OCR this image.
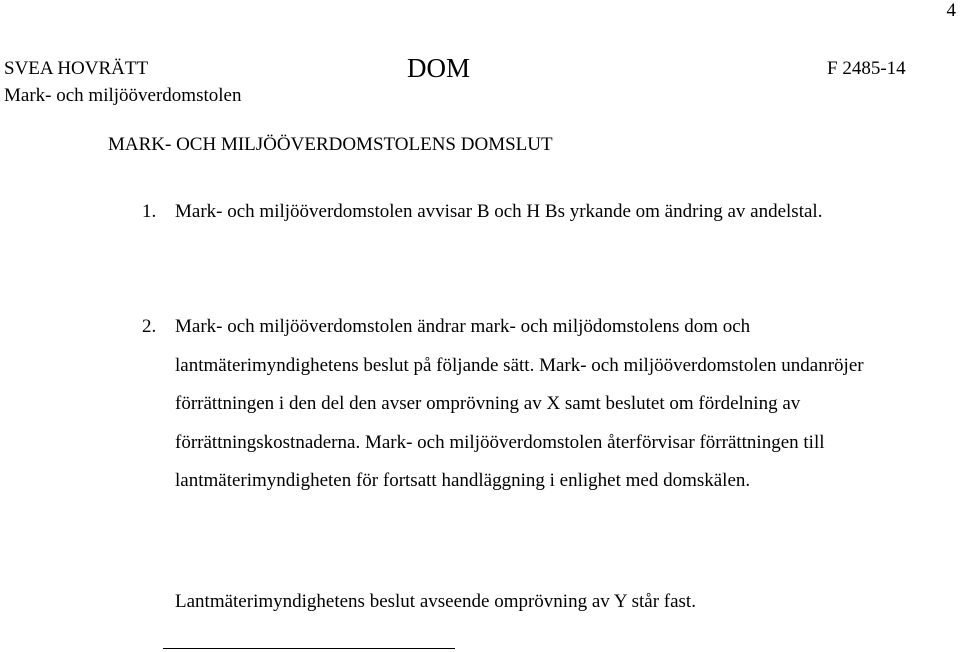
4
SVEA HOVRÄTT
Mark- och miljööverdomstolen
DOM	F 2485-14
MARK- OCH MILJÖÖVERDOMSTOLENS DOMSLUT
1. Mark- och miljööverdomstolen avvisar B och H Bs yrkande om ändring av andelstal.
2. Mark- och miljööverdomstolen ändrar mark- och miljödomstolens dom och lantmäterimyndighetens beslut på följande sätt. Mark- och miljööverdomstolen undanröjer förrättningen i den del den avser omprövning av X samt beslutet om fördelning av förrättningskostnaderna. Mark- och miljööverdomstolen återförvisar förrättningen till lantmäterimyndigheten för fortsatt handläggning i enlighet med domskälen.
Lantmäterimyndighetens beslut avseende omprövning av Y står fast.
